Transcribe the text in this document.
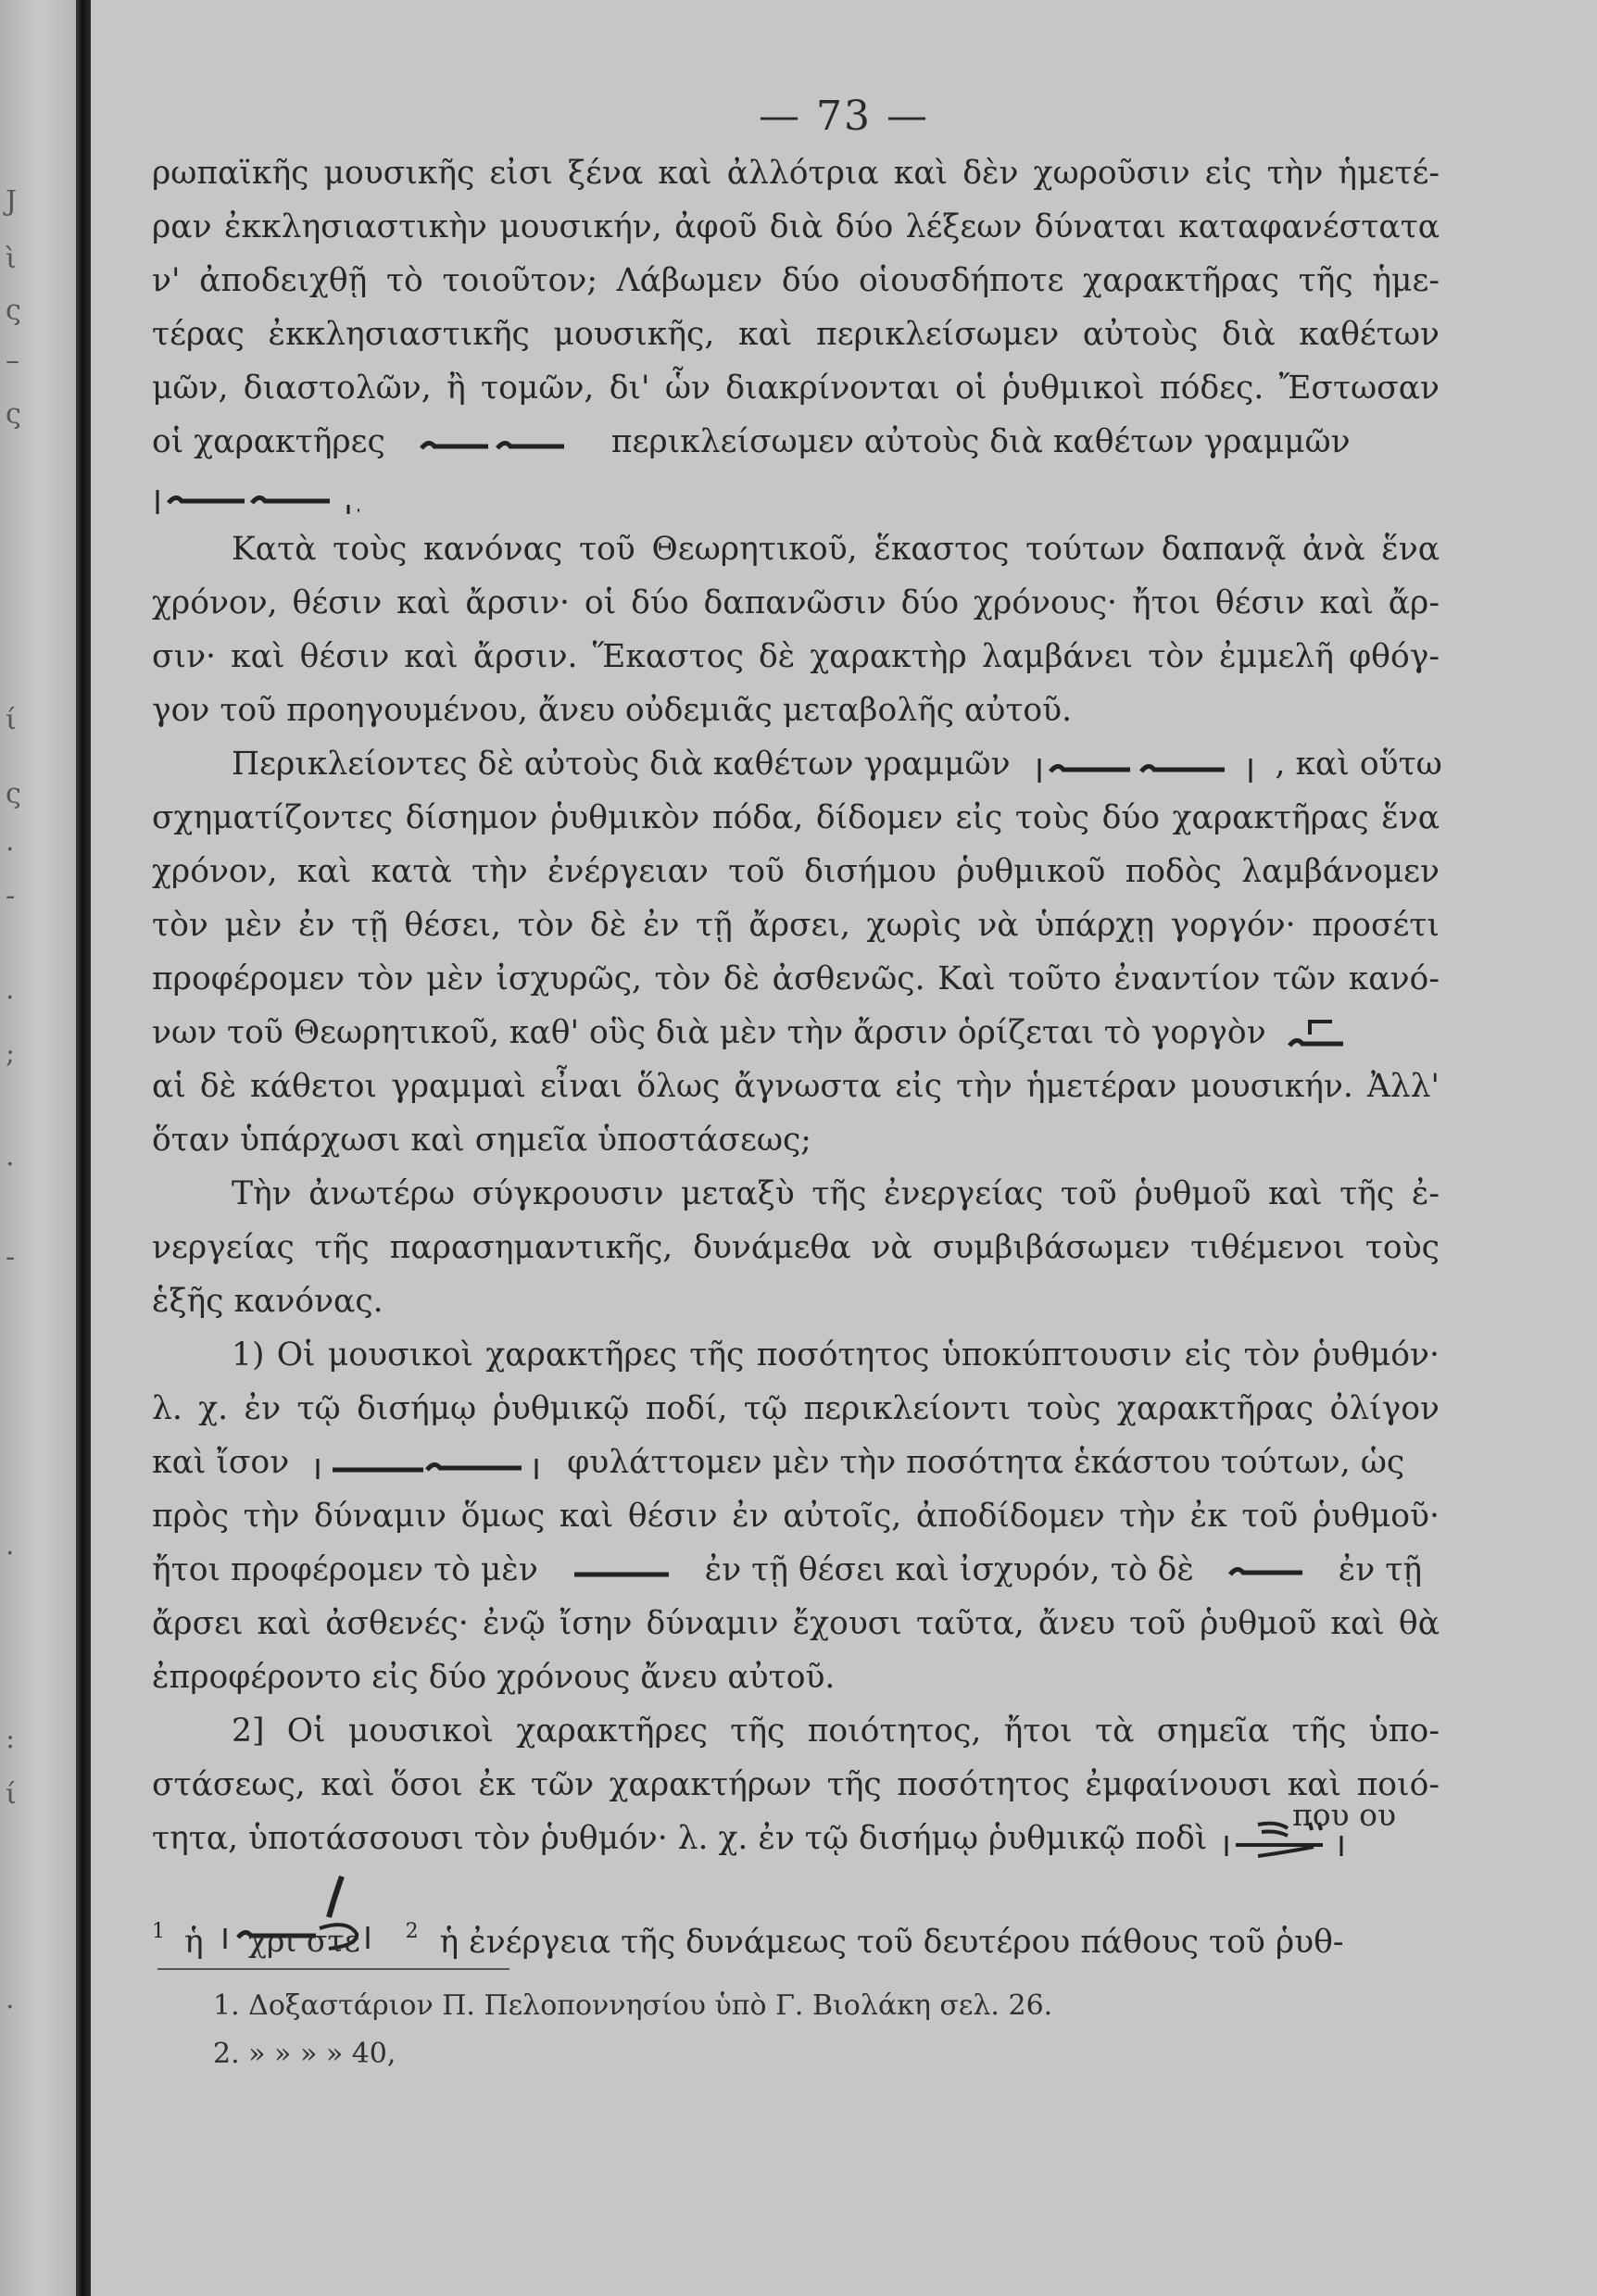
— 73 —
ρωπαϊκῆς μουσικῆς εἰσι ξένα καὶ ἀλλότρια καὶ δὲν χωροῦσιν εἰς τὴν ἡμετέ-
ραν ἐκκλησιαστικὴν μουσικήν, ἀφοῦ διὰ δύο λέξεων δύναται καταφανέστατα
ν' ἀποδειχθῇ τὸ τοιοῦτον; Λάβωμεν δύο οἱουσδήποτε χαρακτῆρας τῆς ἡμε-
τέρας ἐκκλησιαστικῆς μουσικῆς, καὶ περικλείσωμεν αὐτοὺς διὰ καθέτων
μῶν, διαστολῶν, ἢ τομῶν, δι' ὧν διακρίνονται οἱ ῥυθμικοὶ πόδες. Ἔστωσαν
οἱ χαρακτῆρες	περικλείσωμεν αὐτοὺς διὰ καθέτων γραμμῶν
Κατὰ τοὺς κανόνας τοῦ Θεωρητικοῦ, ἕκαστος τούτων δαπανᾷ ἀνὰ ἕνα
χρόνον, θέσιν καὶ ἄρσιν· οἱ δύο δαπανῶσιν δύο χρόνους· ἤτοι θέσιν καὶ ἄρ-
σιν· καὶ θέσιν καὶ ἄρσιν. Ἕκαστος δὲ χαρακτὴρ λαμβάνει τὸν ἐμμελῆ φθόγ-
γον τοῦ προηγουμένου, ἄνευ οὐδεμιᾶς μεταβολῆς αὐτοῦ.
Περικλείοντες δὲ αὐτοὺς διὰ καθέτων γραμμῶν	, καὶ οὕτω
σχηματίζοντες δίσημον ῥυθμικὸν πόδα, δίδομεν εἰς τοὺς δύο χαρακτῆρας ἕνα
χρόνον, καὶ κατὰ τὴν ἐνέργειαν τοῦ δισήμου ῥυθμικοῦ ποδὸς λαμβάνομεν
τὸν μὲν ἐν τῇ θέσει, τὸν δὲ ἐν τῇ ἄρσει, χωρὶς νὰ ὑπάρχῃ γοργόν· προσέτι
προφέρομεν τὸν μὲν ἰσχυρῶς, τὸν δὲ ἀσθενῶς. Καὶ τοῦτο ἐναντίον τῶν κανό-
νων τοῦ Θεωρητικοῦ, καθ' οὓς διὰ μὲν τὴν ἄρσιν ὁρίζεται τὸ γοργὸν
αἱ δὲ κάθετοι γραμμαὶ εἶναι ὅλως ἄγνωστα εἰς τὴν ἡμετέραν μουσικήν. Ἀλλ'
ὅταν ὑπάρχωσι καὶ σημεῖα ὑποστάσεως;
Τὴν ἀνωτέρω σύγκρουσιν μεταξὺ τῆς ἐνεργείας τοῦ ῥυθμοῦ καὶ τῆς ἐ-
νεργείας τῆς παρασημαντικῆς, δυνάμεθα νὰ συμβιβάσωμεν τιθέμενοι τοὺς
ἑξῆς κανόνας.
1) Οἱ μουσικοὶ χαρακτῆρες τῆς ποσότητος ὑποκύπτουσιν εἰς τὸν ῥυθμόν·
λ. χ. ἐν τῷ δισήμῳ ῥυθμικῷ ποδί, τῷ περικλείοντι τοὺς χαρακτῆρας ὀλίγον
καὶ ἴσον	φυλάττομεν μὲν τὴν ποσότητα ἑκάστου τούτων, ὡς
πρὸς τὴν δύναμιν ὅμως καὶ θέσιν ἐν αὐτοῖς, ἀποδίδομεν τὴν ἐκ τοῦ ῥυθμοῦ·
ἤτοι προφέρομεν τὸ μὲν	ἐν τῇ θέσει καὶ ἰσχυρόν, τὸ δὲ	ἐν τῇ
ἄρσει καὶ ἀσθενές· ἐνῷ ἴσην δύναμιν ἔχουσι ταῦτα, ἄνευ τοῦ ῥυθμοῦ καὶ θὰ
ἐπροφέροντο εἰς δύο χρόνους ἄνευ αὐτοῦ.
2] Οἱ μουσικοὶ χαρακτῆρες τῆς ποιότητος, ἤτοι τὰ σημεῖα τῆς ὑπο-
στάσεως, καὶ ὅσοι ἐκ τῶν χαρακτήρων τῆς ποσότητος ἐμφαίνουσι καὶ ποιό-
τητα, ὑποτάσσουσι τὸν ῥυθμόν· λ. χ. ἐν τῷ δισήμῳ ῥυθμικῷ ποδὶ
$^1$ ἡ	$^2$ ἡ ἐνέργεια τῆς δυνάμεως τοῦ δευτέρου πάθους τοῦ ῥυθ-
που ου
χρι στὲ
1. Δοξαστάριον Π. Πελοποννησίου ὑπὸ Γ. Βιολάκη σελ. 26.
2. » » » » 40,
J
ὶ
ς
–
ς
ί
ς
·
-
·
;
·
-
·
:
ί
·
